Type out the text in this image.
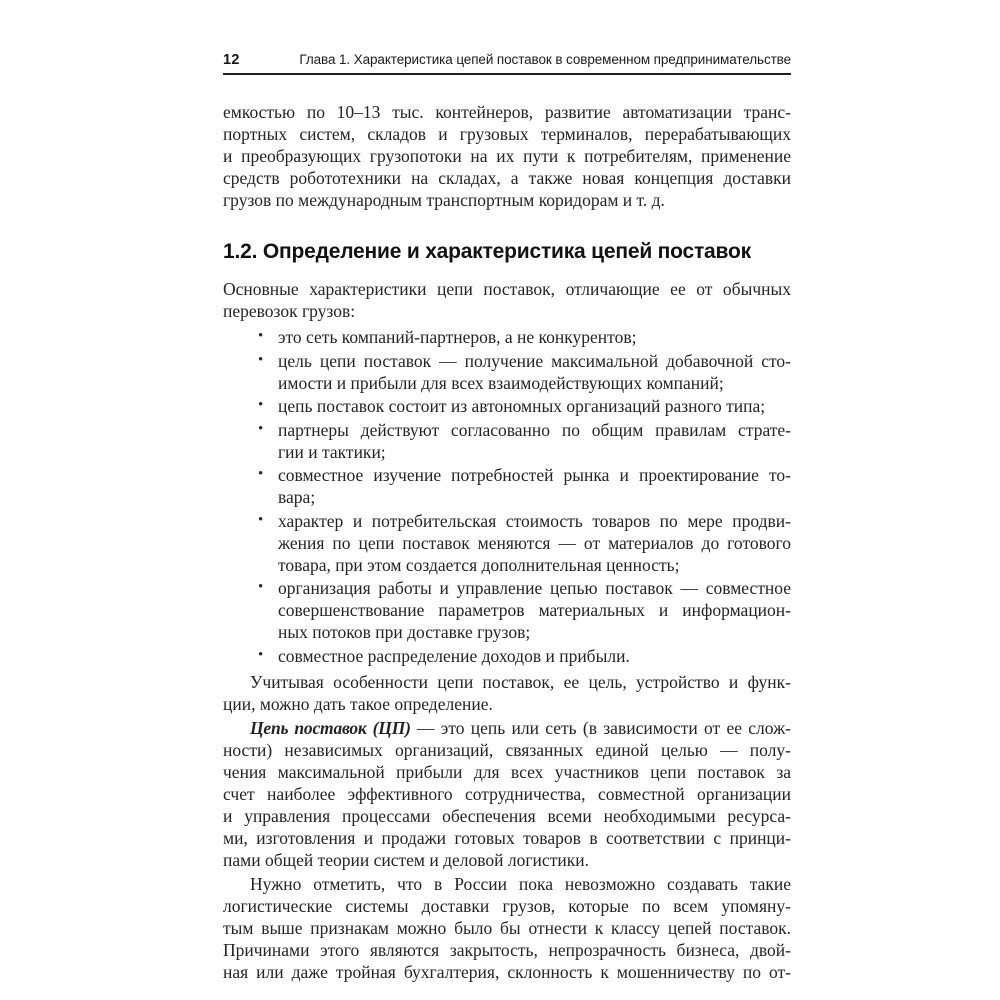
12	Глава 1. Характеристика цепей поставок в современном предпринимательстве
емкостью по 10–13 тыс. контейнеров, развитие автоматизации транс-
портных систем, складов и грузовых терминалов, перерабатывающих
и преобразующих грузопотоки на их пути к потребителям, применение
средств робототехники на складах, а также новая концепция доставки
грузов по международным транспортным коридорам и т. д.
1.2. Определение и характеристика цепей поставок
Основные характеристики цепи поставок, отличающие ее от обычных
перевозок грузов:
• это сеть компаний-партнеров, а не конкурентов;
• цель цепи поставок — получение максимальной добавочной сто-
имости и прибыли для всех взаимодействующих компаний;
• цепь поставок состоит из автономных организаций разного типа;
• партнеры действуют согласованно по общим правилам страте-
гии и тактики;
• совместное изучение потребностей рынка и проектирование то-
вара;
• характер и потребительская стоимость товаров по мере продви-
жения по цепи поставок меняются — от материалов до готового
товара, при этом создается дополнительная ценность;
• организация работы и управление цепью поставок — совместное
совершенствование параметров материальных и информацион-
ных потоков при доставке грузов;
• совместное распределение доходов и прибыли.
Учитывая особенности цепи поставок, ее цель, устройство и функ-
ции, можно дать такое определение.
Цепь поставок (ЦП) — это цепь или сеть (в зависимости от ее слож-
ности) независимых организаций, связанных единой целью — полу-
чения максимальной прибыли для всех участников цепи поставок за
счет наиболее эффективного сотрудничества, совместной организации
и управления процессами обеспечения всеми необходимыми ресурса-
ми, изготовления и продажи готовых товаров в соответствии с принци-
пами общей теории систем и деловой логистики.
Нужно отметить, что в России пока невозможно создавать такие
логистические системы доставки грузов, которые по всем упомяну-
тым выше признакам можно было бы отнести к классу цепей поставок.
Причинами этого являются закрытость, непрозрачность бизнеса, двой-
ная или даже тройная бухгалтерия, склонность к мошенничеству по от-
